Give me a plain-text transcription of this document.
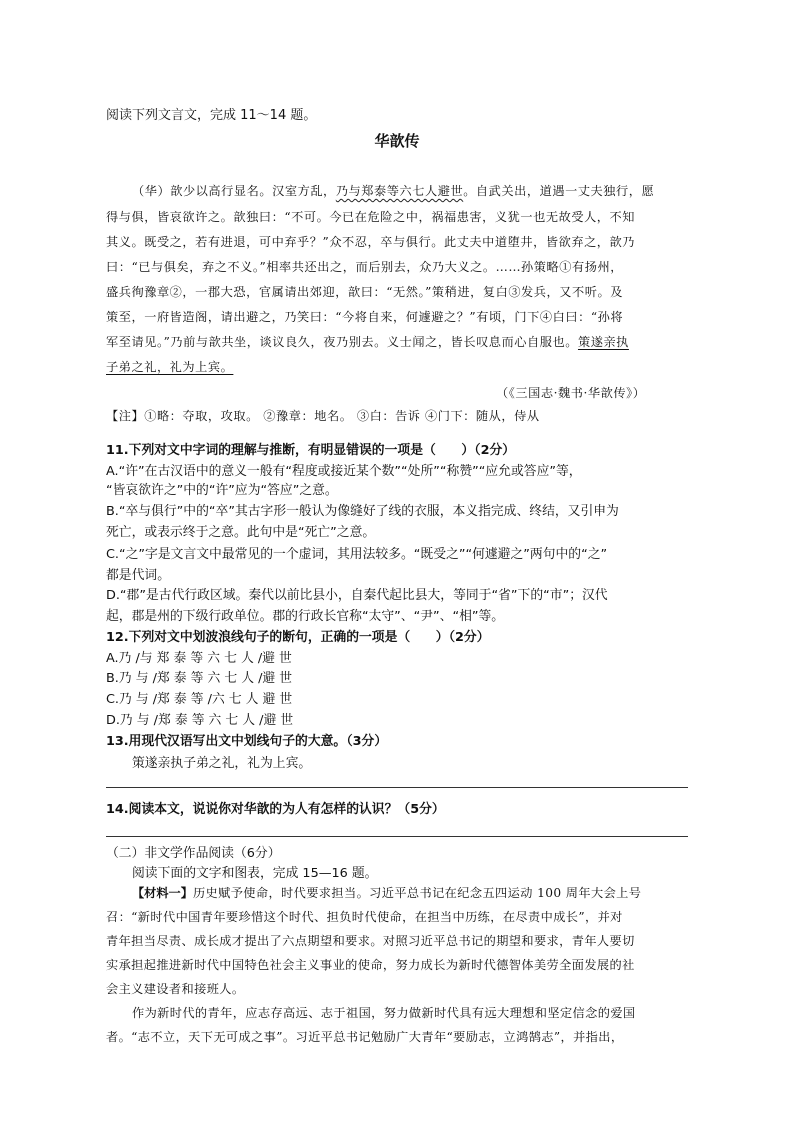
阅读下列文言文，完成 11～14 题。
华歆传
（华）歆少以高行显名。汉室方乱，乃与郑泰等六七人避世。自武关出，道遇一丈夫独行，愿
得与俱，皆哀欲许之。歆独曰：“不可。今已在危险之中，祸福患害，义犹一也无故受人，不知
其义。既受之，若有进退，可中弃乎？”众不忍，卒与俱行。此丈夫中道堕井，皆欲弃之，歆乃
曰：“已与俱矣，弃之不义。”相率共还出之，而后别去，众乃大义之。……孙策略①有扬州，
盛兵徇豫章②，一郡大恐，官属请出郊迎，歆曰：“无然。”策稍进，复白③发兵，又不听。及
策至，一府皆造阁，请出避之，乃笑曰：“今将自来，何遽避之？”有顷，门下④白曰：“孙将
军至请见。”乃前与歆共坐，谈议良久，夜乃别去。义士闻之，皆长叹息而心自服也。策遂亲执
子弟之礼，礼为上宾。
（《三国志·魏书·华歆传》）
【注】①略：夺取，攻取。 ②豫章：地名。 ③白：告诉 ④门下：随从，侍从
11.下列对文中字词的理解与推断，有明显错误的一项是（　　）（2分）
A.“许”在古汉语中的意义一般有“程度或接近某个数”“处所”“称赞”“应允或答应”等，
“皆哀欲许之”中的“许”应为“答应”之意。
B.“卒与俱行”中的“卒”其古字形一般认为像缝好了线的衣服，本义指完成、终结，又引申为
死亡，或表示终于之意。此句中是“死亡”之意。
C.“之”字是文言文中最常见的一个虚词，其用法较多。“既受之”“何遽避之”两句中的“之”
都是代词。
D.“郡”是古代行政区域。秦代以前比县小，自秦代起比县大，等同于“省”下的“市”；汉代
起，郡是州的下级行政单位。郡的行政长官称“太守”、“尹”、“相”等。
12.下列对文中划波浪线句子的断句，正确的一项是（　　）（2分）
A.乃 /与 郑 泰 等 六 七 人 /避 世
B.乃 与 /郑 泰 等 六 七 人 /避 世
C.乃 与 /郑 泰 等 /六 七 人 避 世
D.乃 与 /郑 泰 等 六 七 人 /避 世
13.用现代汉语写出文中划线句子的大意。（3分）
策遂亲执子弟之礼，礼为上宾。
14.阅读本文，说说你对华歆的为人有怎样的认识？（5分）
（二）非文学作品阅读（6分）
阅读下面的文字和图表，完成 15—16 题。
【材料一】历史赋予使命，时代要求担当。习近平总书记在纪念五四运动 100 周年大会上号
召：“新时代中国青年要珍惜这个时代、担负时代使命，在担当中历练，在尽责中成长”，并对
青年担当尽责、成长成才提出了六点期望和要求。对照习近平总书记的期望和要求，青年人要切
实承担起推进新时代中国特色社会主义事业的使命，努力成长为新时代德智体美劳全面发展的社
会主义建设者和接班人。
作为新时代的青年，应志存高远、志于祖国，努力做新时代具有远大理想和坚定信念的爱国
者。“志不立，天下无可成之事”。习近平总书记勉励广大青年“要励志，立鸿鹄志”，并指出，
